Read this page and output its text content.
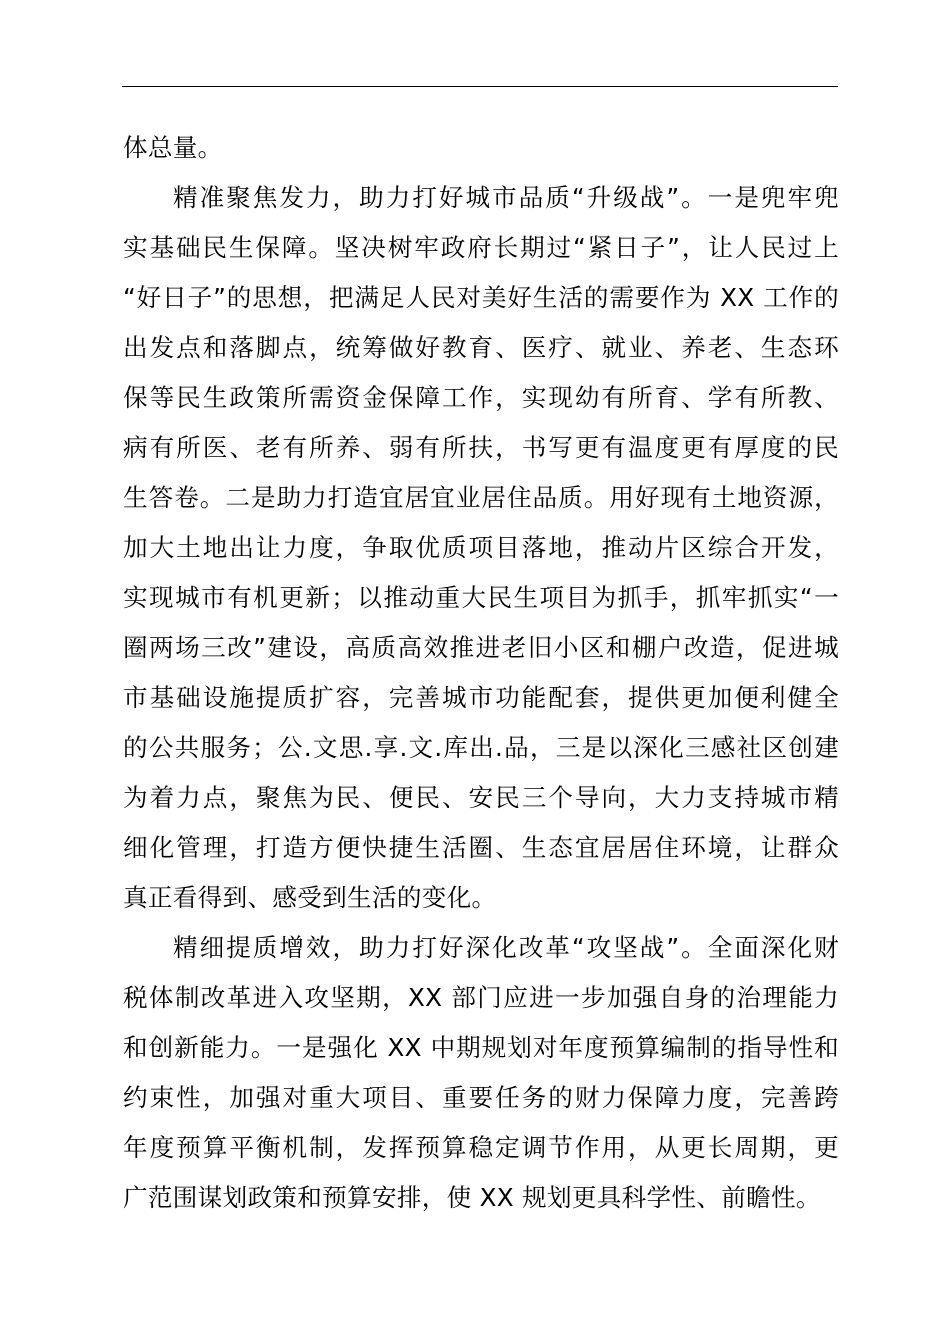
体总量。
精准聚焦发力，助力打好城市品质“升级战”。一是兜牢兜
实基础民生保障。坚决树牢政府长期过“紧日子”，让人民过上
“好日子”的思想，把满足人民对美好生活的需要作为 XX 工作的
出发点和落脚点，统筹做好教育、医疗、就业、养老、生态环
保等民生政策所需资金保障工作，实现幼有所育、学有所教、
病有所医、老有所养、弱有所扶，书写更有温度更有厚度的民
生答卷。二是助力打造宜居宜业居住品质。用好现有土地资源，
加大土地出让力度，争取优质项目落地，推动片区综合开发，
实现城市有机更新；以推动重大民生项目为抓手，抓牢抓实“一
圈两场三改”建设，高质高效推进老旧小区和棚户改造，促进城
市基础设施提质扩容，完善城市功能配套，提供更加便利健全
的公共服务；公.文思.享.文.库出.品，三是以深化三感社区创建
为着力点，聚焦为民、便民、安民三个导向，大力支持城市精
细化管理，打造方便快捷生活圈、生态宜居居住环境，让群众
真正看得到、感受到生活的变化。
精细提质增效，助力打好深化改革“攻坚战”。全面深化财
税体制改革进入攻坚期，XX 部门应进一步加强自身的治理能力
和创新能力。一是强化 XX 中期规划对年度预算编制的指导性和
约束性，加强对重大项目、重要任务的财力保障力度，完善跨
年度预算平衡机制，发挥预算稳定调节作用，从更长周期，更
广范围谋划政策和预算安排，使 XX 规划更具科学性、前瞻性。
